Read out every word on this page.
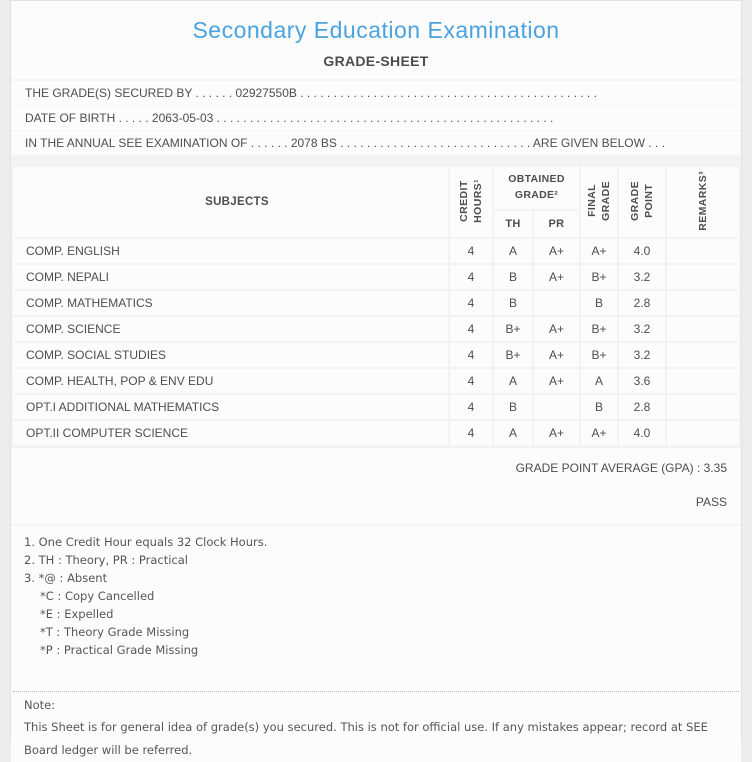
Secondary Education Examination
GRADE-SHEET
THE GRADE(S) SECURED BY . . . . . . 02927550B . . . . . . . . . . . . . . . . . . . . . . . . . . . . . . . . . . . . . . . . . . . . .
DATE OF BIRTH . . . . . 2063-05-03 . . . . . . . . . . . . . . . . . . . . . . . . . . . . . . . . . . . . . . . . . . . . . . . . . . .
IN THE ANNUAL SEE EXAMINATION OF . . . . . . 2078 BS . . . . . . . . . . . . . . . . . . . . . . . . . . . . . ARE GIVEN BELOW . . .
SUBJECTS	CREDIT HOURS¹	OBTAINED GRADE²		FINAL GRADE	GRADE POINT	REMARKS³
		TH	PR			
COMP. ENGLISH	4	A	A+	A+	4.0	
COMP. NEPALI	4	B	A+	B+	3.2	
COMP. MATHEMATICS	4	B		B	2.8	
COMP. SCIENCE	4	B+	A+	B+	3.2	
COMP. SOCIAL STUDIES	4	B+	A+	B+	3.2	
COMP. HEALTH, POP & ENV EDU	4	A	A+	A	3.6	
OPT.I ADDITIONAL MATHEMATICS	4	B		B	2.8	
OPT.II COMPUTER SCIENCE	4	A	A+	A+	4.0	
GRADE POINT AVERAGE (GPA) : 3.35
PASS
1. One Credit Hour equals 32 Clock Hours.
2. TH : Theory, PR : Practical
3. *@ : Absent
*C : Copy Cancelled
*E : Expelled
*T : Theory Grade Missing
*P : Practical Grade Missing
Note:
This Sheet is for general idea of grade(s) you secured. This is not for official use. If any mistakes appear; record at SEE Board ledger will be referred.
